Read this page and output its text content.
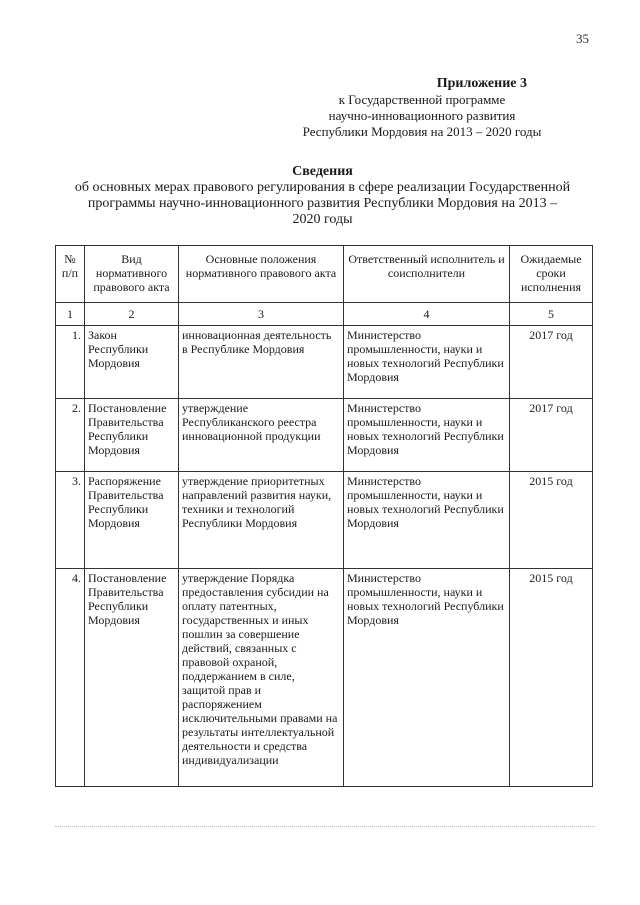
35
Приложение 3
к Государственной программе
научно-инновационного развития
Республики Мордовия на 2013 – 2020 годы
Сведения
об основных мерах правового регулирования в сфере реализации Государственной
программы научно-инновационного развития Республики Мордовия на 2013 –
2020 годы
№ п/п	Вид нормативного правового акта	Основные положения нормативного правового акта	Ответственный исполнитель и соисполнители	Ожидаемые сроки исполнения
1	2	3	4	5
1.	Закон Республики Мордовия	инновационная деятельность в Республике Мордовия	Министерство промышленности, науки и новых технологий Республики Мордовия	2017 год
2.	Постановление Правительства Республики Мордовия	утверждение Республиканского реестра инновационной продукции	Министерство промышленности, науки и новых технологий Республики Мордовия	2017 год
3.	Распоряжение Правительства Республики Мордовия	утверждение приоритетных направлений развития науки, техники и технологий Республики Мордовия	Министерство промышленности, науки и новых технологий Республики Мордовия	2015 год
4.	Постановление Правительства Республики Мордовия	утверждение Порядка предоставления субсидии на оплату патентных, государственных и иных пошлин за совершение действий, связанных с правовой охраной, поддержанием в силе, защитой прав и распоряжением исключительными правами на результаты интеллектуальной деятельности и средства индивидуализации	Министерство промышленности, науки и новых технологий Республики Мордовия	2015 год
